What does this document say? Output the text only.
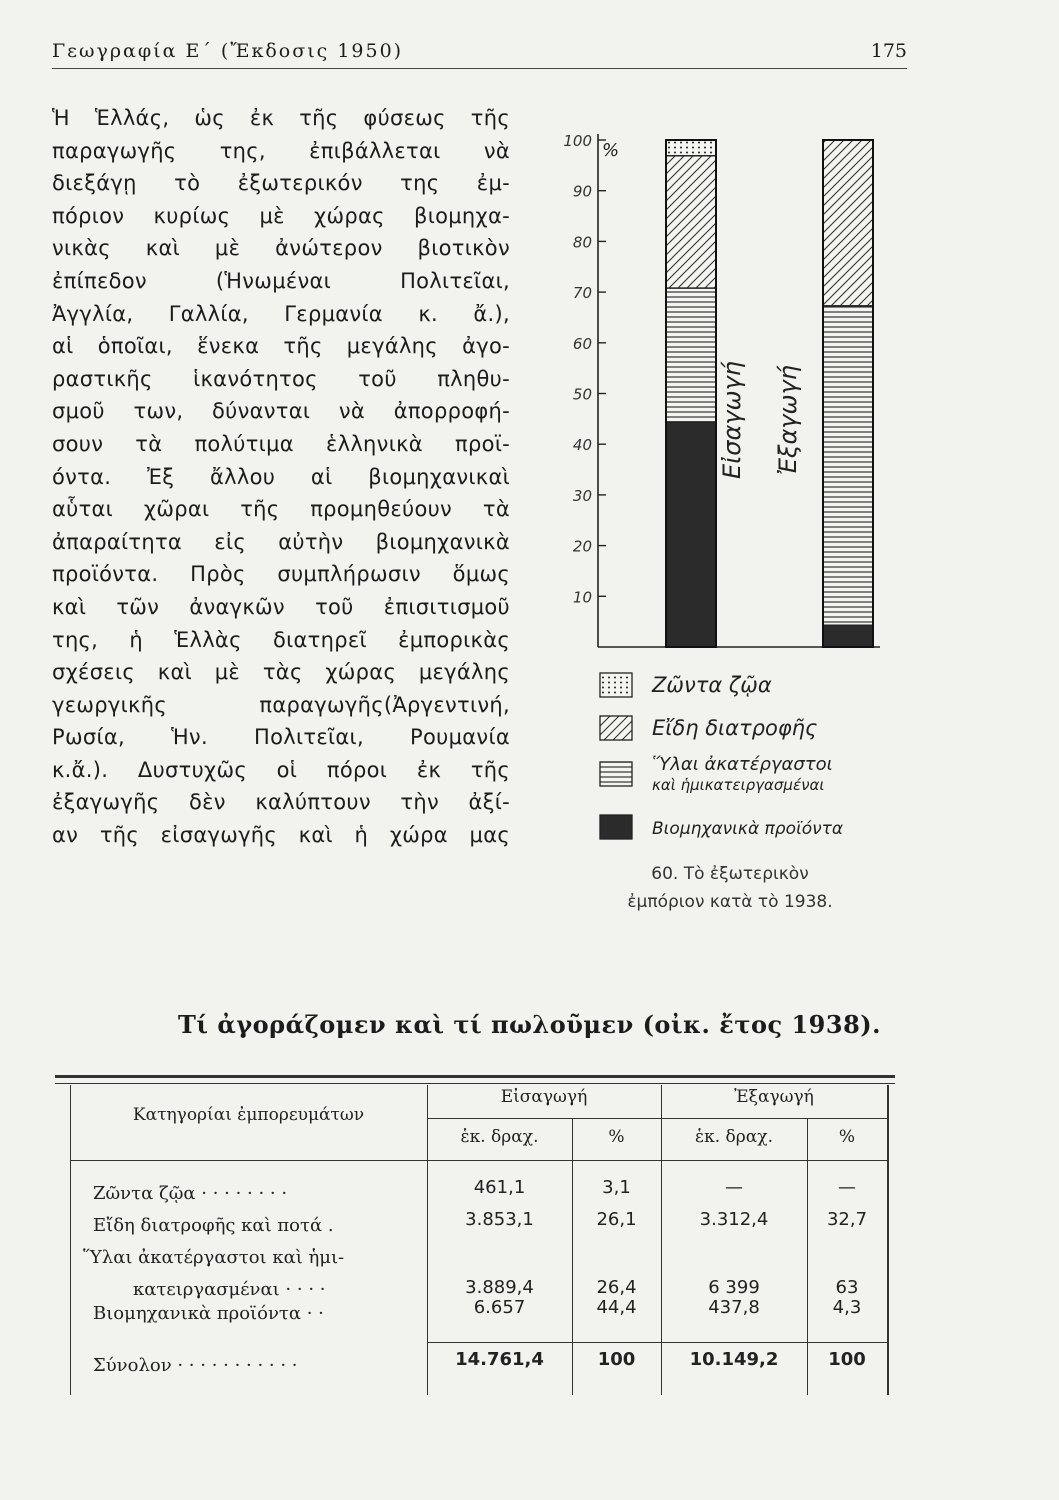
Γεωγραφία Ε΄ (Ἔκδοσις 1950)	175
Ἡ Ἑλλάς, ὡς ἐκ τῆς φύσεως τῆς
παραγωγῆς της, ἐπιβάλλεται νὰ
διεξάγῃ τὸ ἐξωτερικόν της ἐμ-
πόριον κυρίως μὲ χώρας βιομηχα-
νικὰς καὶ μὲ ἀνώτερον βιοτικὸν
ἐπίπεδον (Ἡνωμέναι Πολιτεῖαι,
Ἀγγλία, Γαλλία, Γερμανία κ. ἄ.),
αἱ ὁποῖαι, ἕνεκα τῆς μεγάλης ἀγο-
ραστικῆς ἱκανότητος τοῦ πληθυ-
σμοῦ των, δύνανται νὰ ἀπορροφή-
σουν τὰ πολύτιμα ἑλληνικὰ προϊ-
όντα. Ἐξ ἄλλου αἱ βιομηχανικαὶ
αὗται χῶραι τῆς προμηθεύουν τὰ
ἀπαραίτητα εἰς αὐτὴν βιομηχανικὰ
προϊόντα. Πρὸς συμπλήρωσιν ὅμως
καὶ τῶν ἀναγκῶν τοῦ ἐπισιτισμοῦ
της, ἡ Ἑλλὰς διατηρεῖ ἐμπορικὰς
σχέσεις καὶ μὲ τὰς χώρας μεγάλης
γεωργικῆς παραγωγῆς(Ἀργεντινή,
Ρωσία, Ἡν. Πολιτεῖαι, Ρουμανία
κ.ἄ.). Δυστυχῶς οἱ πόροι ἐκ τῆς
ἐξαγωγῆς δὲν καλύπτουν τὴν ἀξί-
αν τῆς εἰσαγωγῆς καὶ ἡ χώρα μας
10
20
30
40
50
60
70
80
90
100 %
Εἰσαγωγή Ἐξαγωγή
Ζῶντα ζῷα
Εἴδη διατροφῆς
Ὕλαι ἀκατέργαστοι
καὶ ἡμικατειργασμέναι
Βιομηχανικὰ προϊόντα
60. Τὸ ἐξωτερικὸν
ἐμπόριον κατὰ τὸ 1938.
Τί ἀγοράζομεν καὶ τί πωλοῦμεν (οἰκ. ἔτος 1938).
Κατηγορίαι ἐμπορευμάτων
Εἰσαγωγή	Ἐξαγωγή
ἑκ. δραχ.	%	ἑκ. δραχ.	%
Ζῶντα ζῷα · · · · · · · ·	461,1	3,1	—	—
Εἴδη διατροφῆς καὶ ποτά .	3.853,1	26,1	3.312,4	32,7
Ὕλαι ἀκατέργαστοι καὶ ἡμι-
κατειργασμέναι · · · ·	3.889,4	26,4	6 399	63
Βιομηχανικὰ προϊόντα · ·	6.657	44,4	437,8	4,3
Σύνολον · · · · · · · · · · ·	14.761,4	100	10.149,2	100
